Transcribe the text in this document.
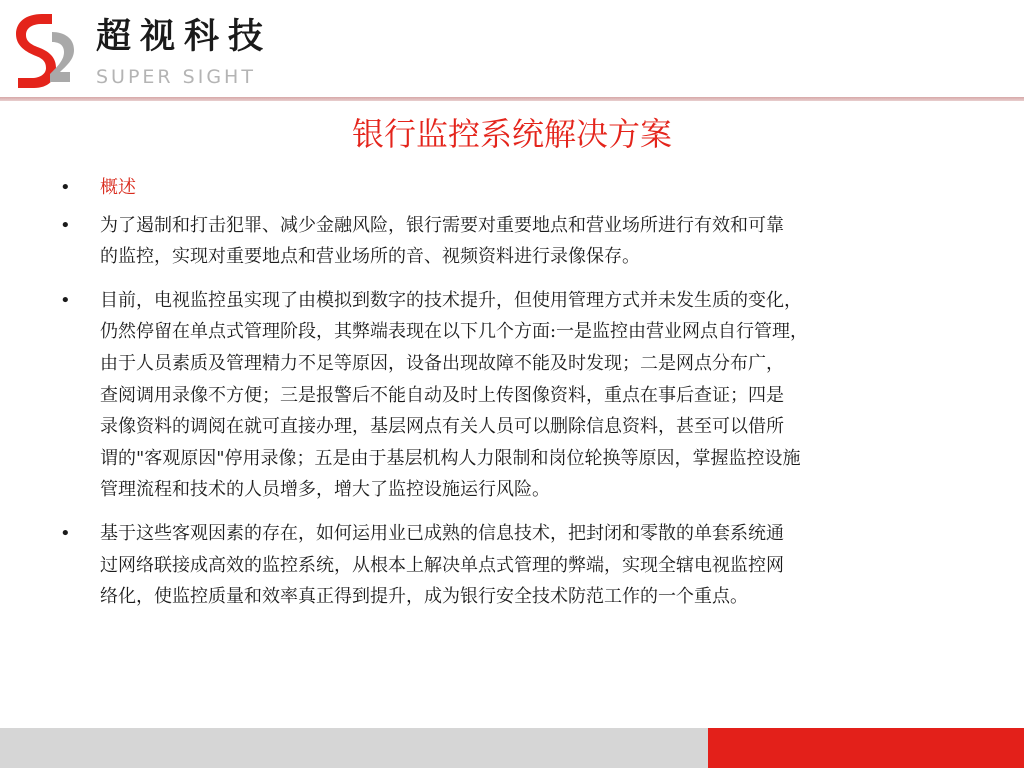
超视科技
SUPER SIGHT
银行监控系统解决方案
• 概述
• 为了遏制和打击犯罪、减少金融风险，银行需要对重要地点和营业场所进行有效和可靠
的监控，实现对重要地点和营业场所的音、视频资料进行录像保存。
• 目前，电视监控虽实现了由模拟到数字的技术提升，但使用管理方式并未发生质的变化，
仍然停留在单点式管理阶段，其弊端表现在以下几个方面:一是监控由营业网点自行管理，
由于人员素质及管理精力不足等原因，设备出现故障不能及时发现；二是网点分布广，
查阅调用录像不方便；三是报警后不能自动及时上传图像资料，重点在事后查证；四是
录像资料的调阅在就可直接办理，基层网点有关人员可以删除信息资料，甚至可以借所
谓的"客观原因"停用录像；五是由于基层机构人力限制和岗位轮换等原因，掌握监控设施
管理流程和技术的人员增多，增大了监控设施运行风险。
• 基于这些客观因素的存在，如何运用业已成熟的信息技术，把封闭和零散的单套系统通
过网络联接成高效的监控系统，从根本上解决单点式管理的弊端，实现全辖电视监控网
络化，使监控质量和效率真正得到提升，成为银行安全技术防范工作的一个重点。
